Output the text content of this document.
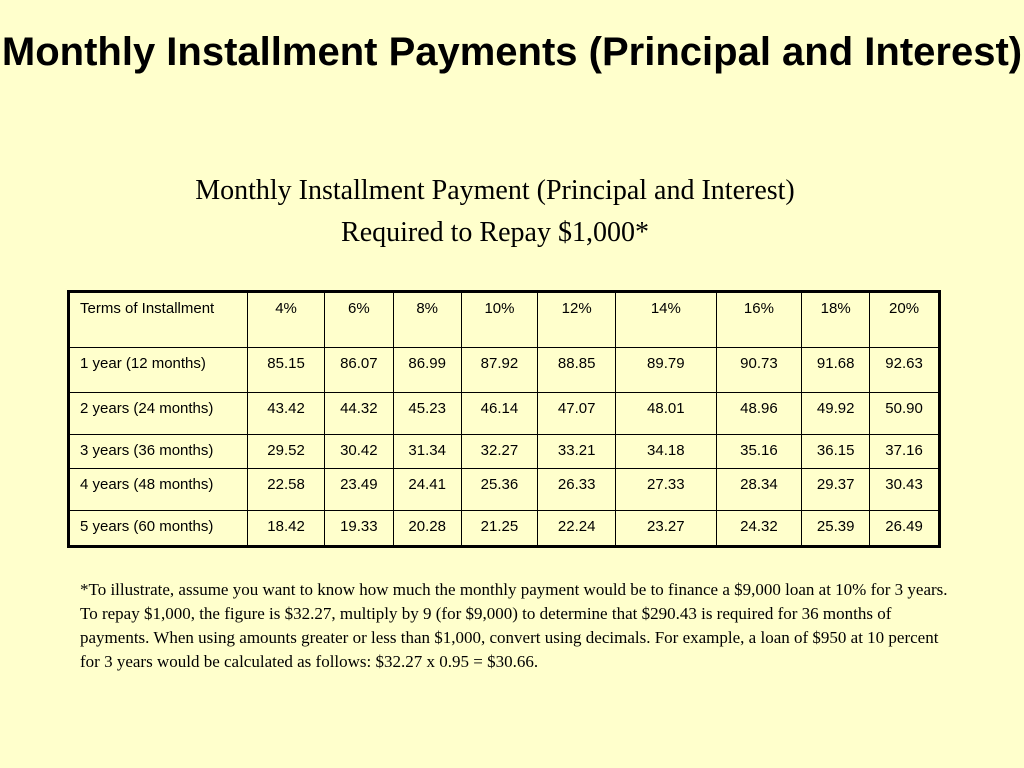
Monthly Installment Payments (Principal and Interest)
Monthly Installment Payment (Principal and Interest)
Required to Repay $1,000*
Terms of Installment	4%	6%	8%	10%	12%	14%	16%	18%	20%
1 year (12 months)	85.15	86.07	86.99	87.92	88.85	89.79	90.73	91.68	92.63
2 years (24 months)	43.42	44.32	45.23	46.14	47.07	48.01	48.96	49.92	50.90
3 years (36 months)	29.52	30.42	31.34	32.27	33.21	34.18	35.16	36.15	37.16
4 years (48 months)	22.58	23.49	24.41	25.36	26.33	27.33	28.34	29.37	30.43
5 years (60 months)	18.42	19.33	20.28	21.25	22.24	23.27	24.32	25.39	26.49
*To illustrate, assume you want to know how much the monthly payment would be to finance a $9,000 loan at 10% for 3 years. To repay $1,000, the figure is $32.27, multiply by 9 (for $9,000) to determine that $290.43 is required for 36 months of payments. When using amounts greater or less than $1,000, convert using decimals. For example, a loan of $950 at 10 percent for 3 years would be calculated as follows: $32.27 x 0.95 = $30.66.
